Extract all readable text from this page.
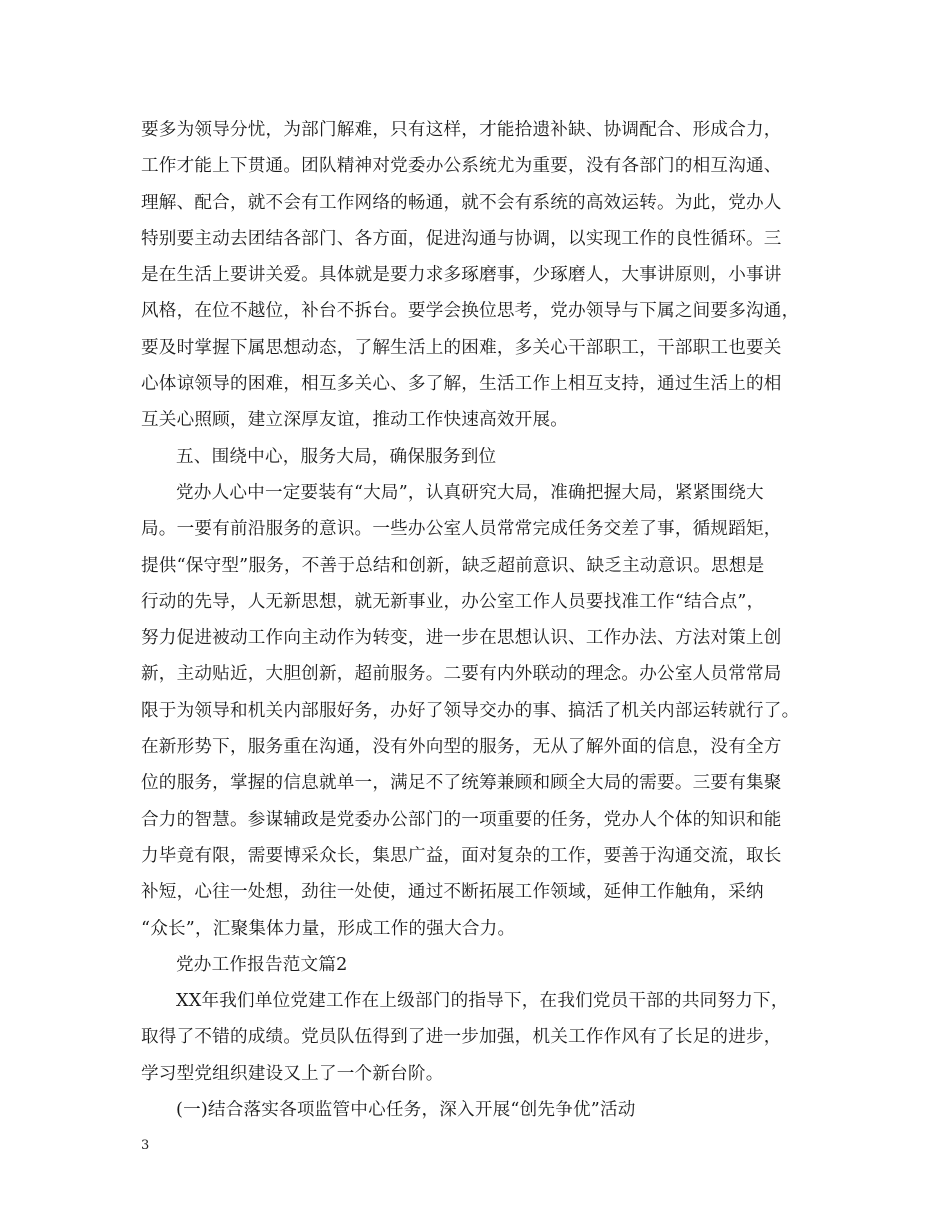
要多为领导分忧，为部门解难，只有这样，才能拾遗补缺、协调配合、形成合力，
工作才能上下贯通。团队精神对党委办公系统尤为重要，没有各部门的相互沟通、
理解、配合，就不会有工作网络的畅通，就不会有系统的高效运转。为此，党办人
特别要主动去团结各部门、各方面，促进沟通与协调，以实现工作的良性循环。三
是在生活上要讲关爱。具体就是要力求多琢磨事，少琢磨人，大事讲原则，小事讲
风格，在位不越位，补台不拆台。要学会换位思考，党办领导与下属之间要多沟通，
要及时掌握下属思想动态，了解生活上的困难，多关心干部职工，干部职工也要关
心体谅领导的困难，相互多关心、多了解，生活工作上相互支持，通过生活上的相
互关心照顾，建立深厚友谊，推动工作快速高效开展。
五、围绕中心，服务大局，确保服务到位
党办人心中一定要装有“大局”，认真研究大局，准确把握大局，紧紧围绕大
局。一要有前沿服务的意识。一些办公室人员常常完成任务交差了事，循规蹈矩，
提供“保守型”服务，不善于总结和创新，缺乏超前意识、缺乏主动意识。思想是
行动的先导，人无新思想，就无新事业，办公室工作人员要找准工作“结合点”，
努力促进被动工作向主动作为转变，进一步在思想认识、工作办法、方法对策上创
新，主动贴近，大胆创新，超前服务。二要有内外联动的理念。办公室人员常常局
限于为领导和机关内部服好务，办好了领导交办的事、搞活了机关内部运转就行了。
在新形势下，服务重在沟通，没有外向型的服务，无从了解外面的信息，没有全方
位的服务，掌握的信息就单一，满足不了统筹兼顾和顾全大局的需要。三要有集聚
合力的智慧。参谋辅政是党委办公部门的一项重要的任务，党办人个体的知识和能
力毕竟有限，需要博采众长，集思广益，面对复杂的工作，要善于沟通交流，取长
补短，心往一处想，劲往一处使，通过不断拓展工作领域，延伸工作触角，采纳
“众长”，汇聚集体力量，形成工作的强大合力。
党办工作报告范文篇2
XX年我们单位党建工作在上级部门的指导下，在我们党员干部的共同努力下，
取得了不错的成绩。党员队伍得到了进一步加强，机关工作作风有了长足的进步，
学习型党组织建设又上了一个新台阶。
(一)结合落实各项监管中心任务，深入开展“创先争优”活动
3
